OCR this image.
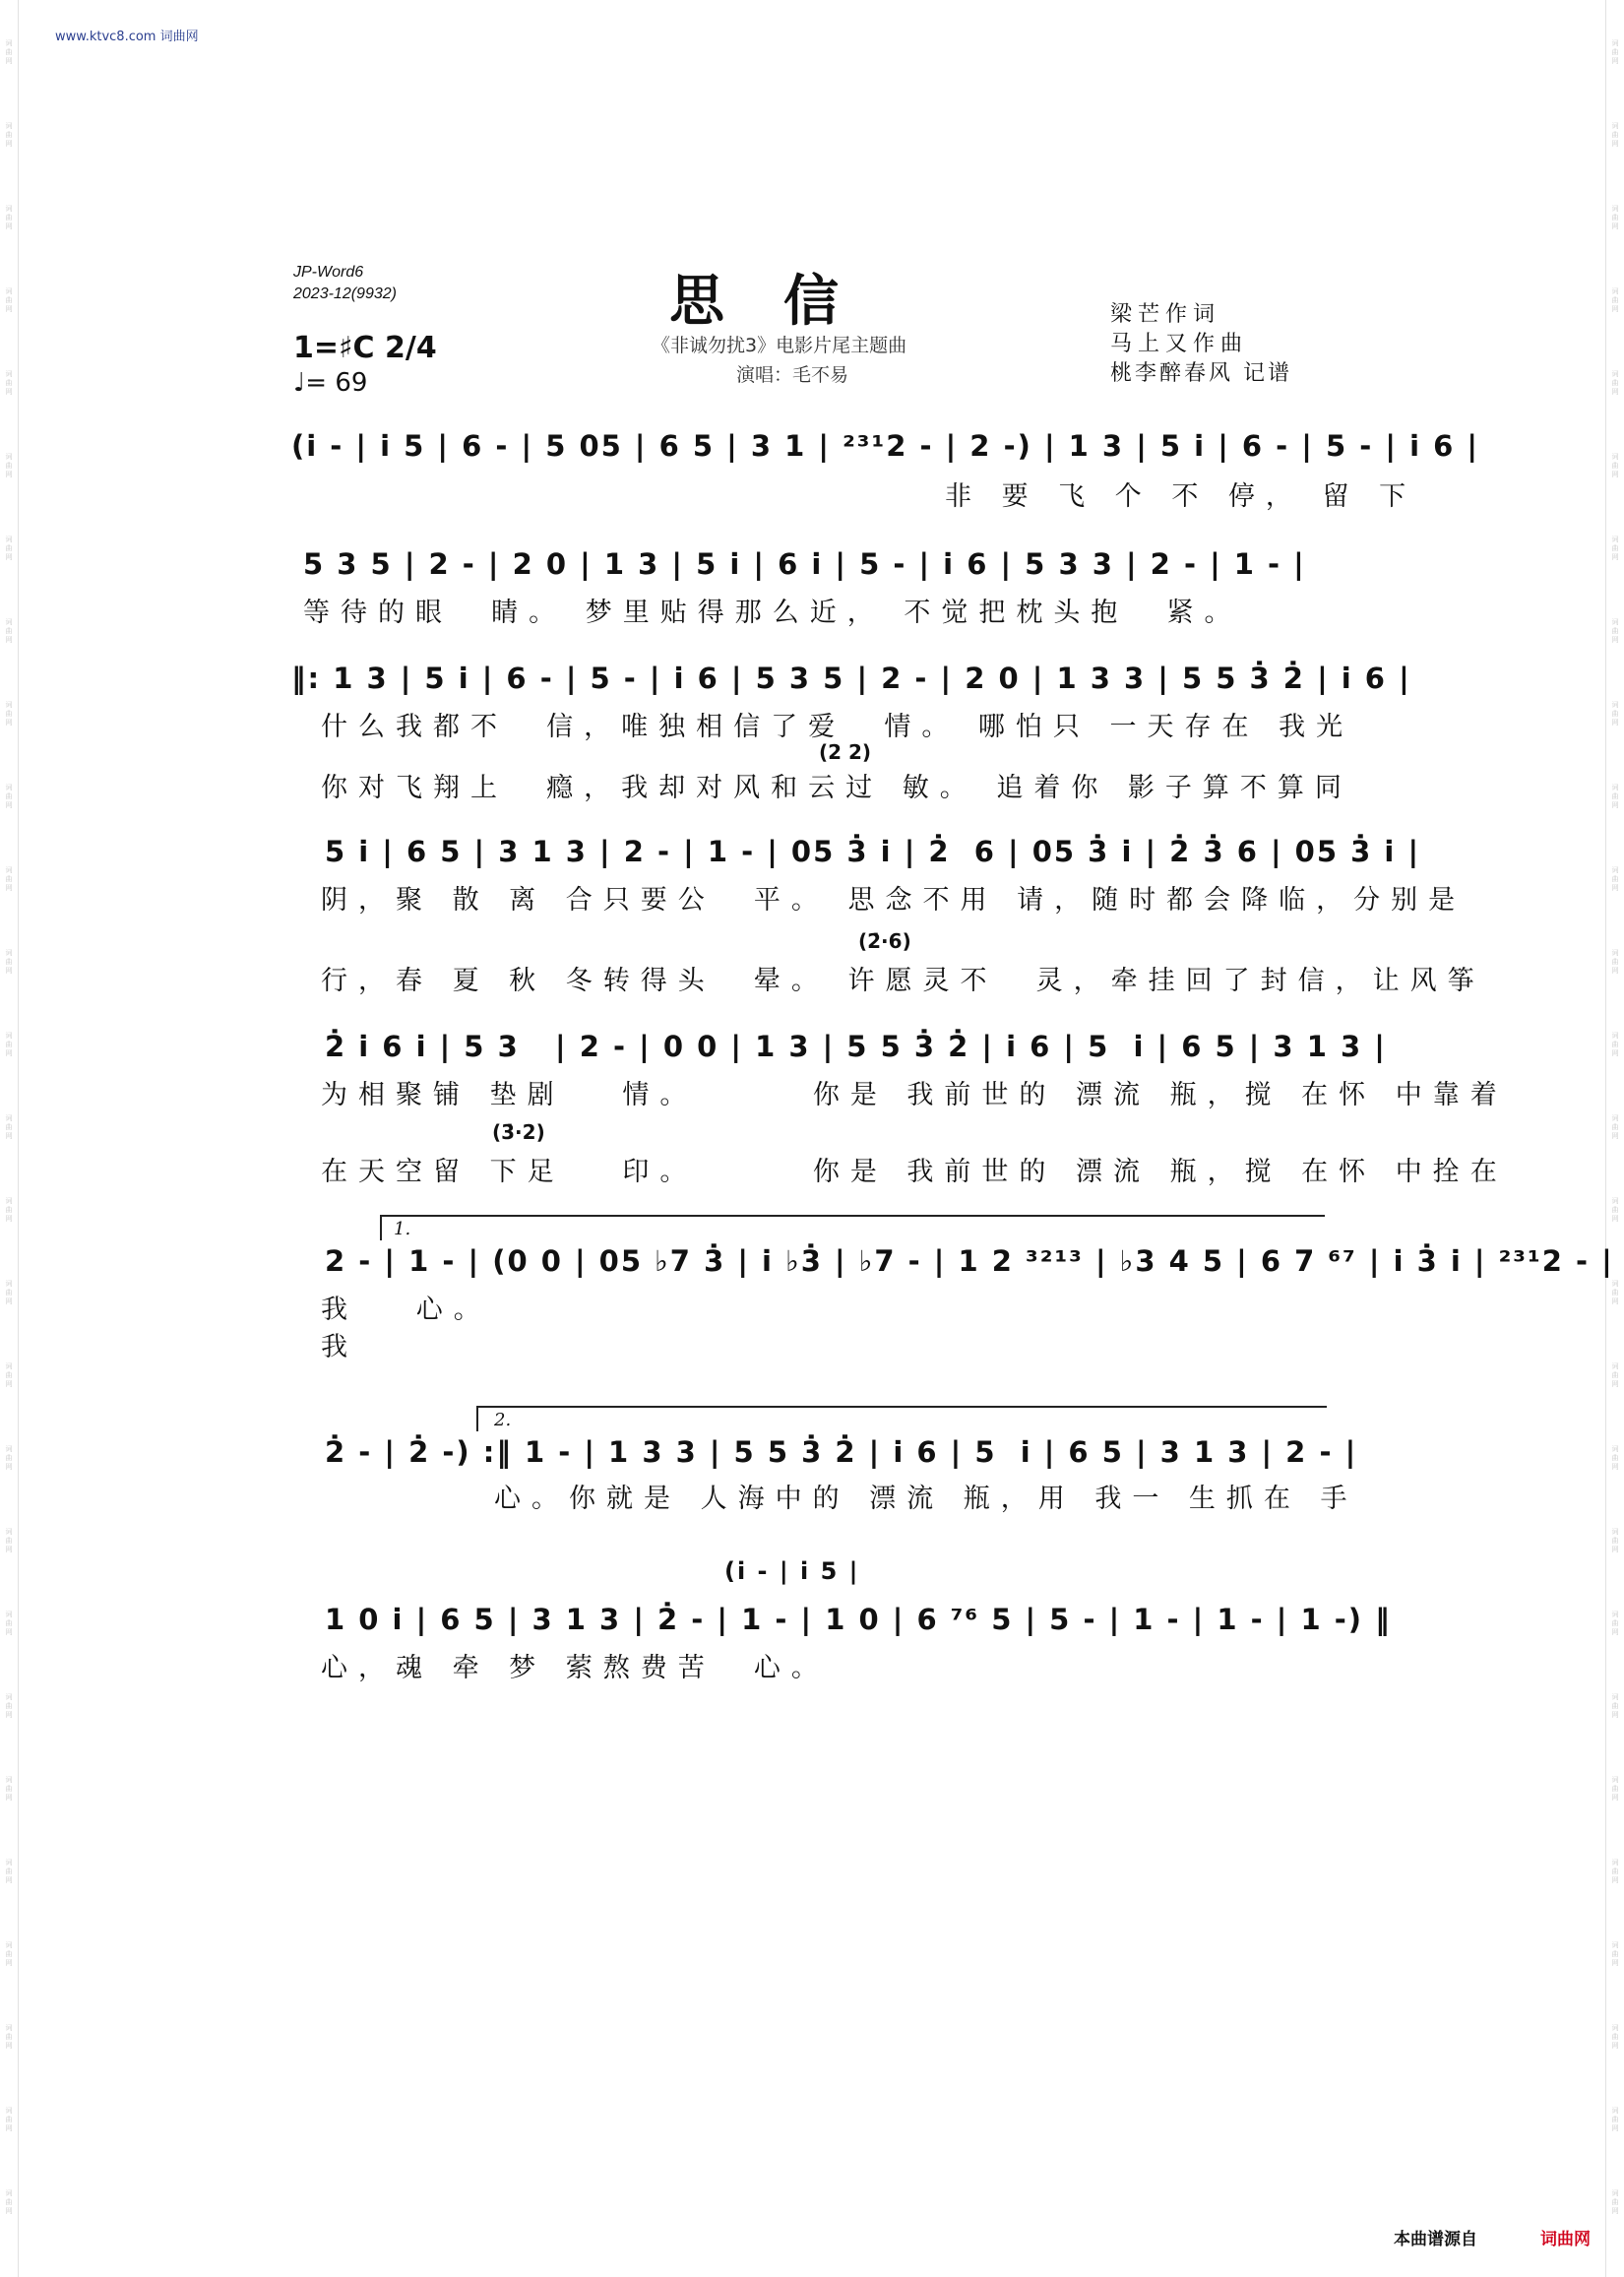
词曲网
词曲网
词曲网
词曲网
词曲网
词曲网
词曲网
词曲网
词曲网
词曲网
词曲网
词曲网
词曲网
词曲网
词曲网
词曲网
词曲网
词曲网
词曲网
词曲网
词曲网
词曲网
词曲网
词曲网
词曲网
词曲网
词曲网
词曲网
词曲网
词曲网
词曲网
词曲网
词曲网
词曲网
词曲网
词曲网
词曲网
词曲网
词曲网
词曲网
词曲网
词曲网
词曲网
词曲网
词曲网
词曲网
词曲网
词曲网
词曲网
词曲网
词曲网
词曲网
词曲网
词曲网
www.ktvc8.com 词曲网
JP-Word6
2023-12(9932)	思信
《非诚勿扰3》电影片尾主题曲
演唱：毛不易
梁芒作词
马上又作曲
桃李醉春风 记谱
1=♯C 2/4
♩= 69
(i̇ - | i̇ 5 | 6 - | 5 05 | 6 5 | 3 1 | ²³¹2 - | 2 -) | 1 3 | 5 i̇ | 6 - | 5 - | i̇ 6 |
非 要 飞 个 不 停， 留 下
5 3 5 | 2 - | 2 0 | 1 3 | 5 i̇ | 6 i̇ | 5 - | i̇ 6 | 5 3 3 | 2 - | 1 - |
等待的眼  睛。 梦里贴得那么近， 不觉把枕头抱  紧。
‖: 1 3 | 5 i̇ | 6 - | 5 - | i̇ 6 | 5 3 5 | 2 - | 2 0 | 1 3 3 | 5 5 3̇ 2̇ | i̇ 6 |
什么我都不  信，唯独相信了爱  情。 哪怕只 一天存在 我光
(2 2)
你对飞翔上  瘾，我却对风和云过 敏。 追着你 影子算不算同
5 i̇ | 6 5 | 3 1 3 | 2 - | 1 - | 05 3̇ i̇ | 2̇  6 | 05 3̇ i̇ | 2̇ 3̇ 6 | 05 3̇ i̇ |
阴，聚 散 离 合只要公  平。 思念不用 请，随时都会降临，分别是
(2̇·6)
行，春 夏 秋 冬转得头  晕。 许愿灵不  灵，牵挂回了封信，让风筝
2̇ i̇ 6 i̇ | 5 3   | 2 - | 0 0 | 1 3 | 5 5 3̇ 2̇ | i̇ 6 | 5  i̇ | 6 5 | 3 1 3 |
为相聚铺 垫剧   情。      你是 我前世的 漂流 瓶，搅 在怀 中靠着
(3̇·2)
在天空留 下足   印。      你是 我前世的 漂流 瓶，搅 在怀 中拴在
1.
2 - | 1 - | (0 0 | 05 ♭7 3̇ | i̇ ♭3̇ | ♭7 - | 1 2 ³²¹³ | ♭3 4 5 | 6 7 ⁶⁷ | i̇ 3̇ i̇ | ²³¹2 - |
我   心。
我
2.
2̇ - | 2̇ -) :‖ 1 - | 1 3 3 | 5 5 3̇ 2̇ | i̇ 6 | 5  i̇ | 6 5 | 3 1 3 | 2 - |
心。你就是 人海中的 漂流 瓶，用 我一 生抓在 手
(i̇ - | i̇ 5 |
1 0 i̇ | 6 5 | 3 1 3 | 2̇ - | 1 - | 1 0 | 6 ⁷⁶ 5 | 5 - | 1 - | 1 - | 1 -) ‖
心，魂 牵 梦 萦熬费苦  心。
本曲谱源自	词曲网
